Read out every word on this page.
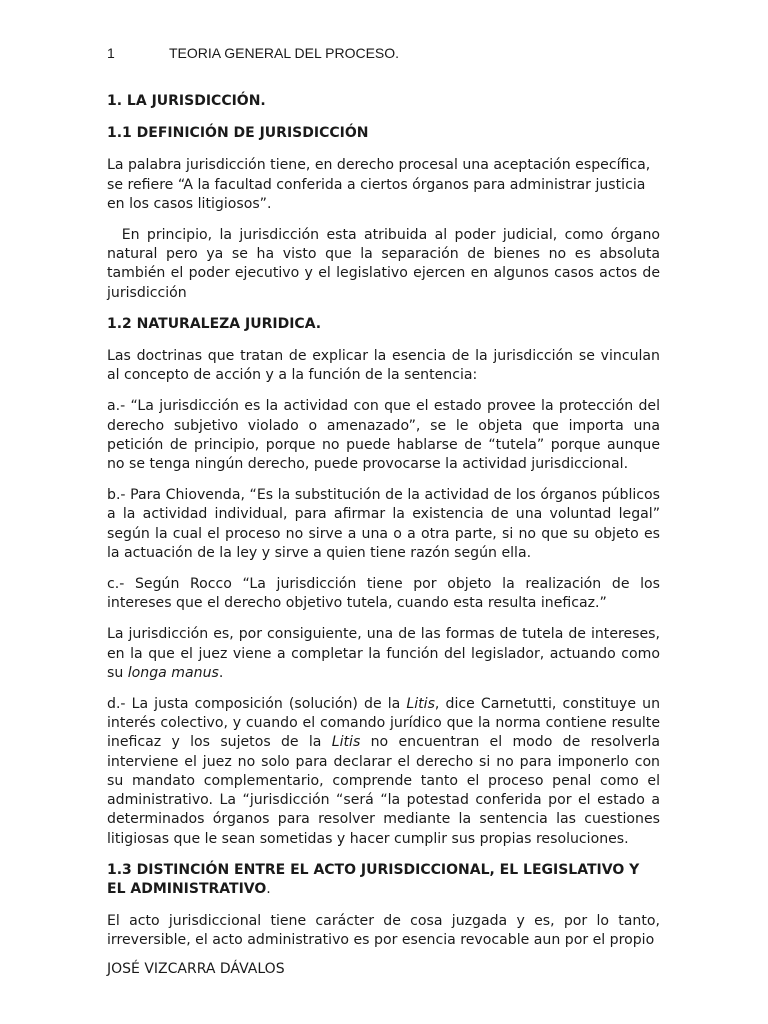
1	TEORIA GENERAL DEL PROCESO.
1. LA JURISDICCIÓN.
1.1 DEFINICIÓN DE JURISDICCIÓN

La palabra jurisdicción tiene, en derecho procesal una aceptación específica, se refiere “A la facultad conferida a ciertos órganos para administrar justicia en los casos litigiosos”.

En principio, la jurisdicción esta atribuida al poder judicial, como órgano natural pero ya se ha visto que la separación de bienes no es absoluta también el poder ejecutivo y el legislativo ejercen en algunos casos actos de jurisdicción

1.2 NATURALEZA JURIDICA.

Las doctrinas que tratan de explicar la esencia de la jurisdicción se vinculan al concepto de acción y a la función de la sentencia:

a.- “La jurisdicción es la actividad con que el estado provee la protección del derecho subjetivo violado o amenazado”, se le objeta que importa una petición de principio, porque no puede hablarse de “tutela” porque aunque no se tenga ningún derecho, puede provocarse la actividad jurisdiccional.

b.- Para Chiovenda, “Es la substitución de la actividad de los órganos públicos a la actividad individual, para afirmar la existencia de una voluntad legal” según la cual el proceso no sirve a una o a otra parte, si no que su objeto es la actuación de la ley y sirve a quien tiene razón según ella.

c.- Según Rocco “La jurisdicción tiene por objeto la realización de los intereses que el derecho objetivo tutela, cuando esta resulta ineficaz.”

La jurisdicción es, por consiguiente, una de las formas de tutela de intereses, en la que el juez viene a completar la función del legislador, actuando como su longa manus.

d.- La justa composición (solución) de la Litis, dice Carnetutti, constituye un interés colectivo, y cuando el comando jurídico que la norma contiene resulte ineficaz y los sujetos de la Litis no encuentran el modo de resolverla interviene el juez no solo para declarar el derecho si no para imponerlo con su mandato complementario, comprende tanto el proceso penal como el administrativo. La “jurisdicción “será “la potestad conferida por el estado a determinados órganos para resolver mediante la sentencia las cuestiones litigiosas que le sean sometidas y hacer cumplir sus propias resoluciones.

1.3 DISTINCIÓN ENTRE EL ACTO JURISDICCIONAL, EL LEGISLATIVO Y EL ADMINISTRATIVO.

El acto jurisdiccional tiene carácter de cosa juzgada y es, por lo tanto, irreversible, el acto administrativo es por esencia revocable aun por el propio

JOSÉ VIZCARRA DÁVALOS
